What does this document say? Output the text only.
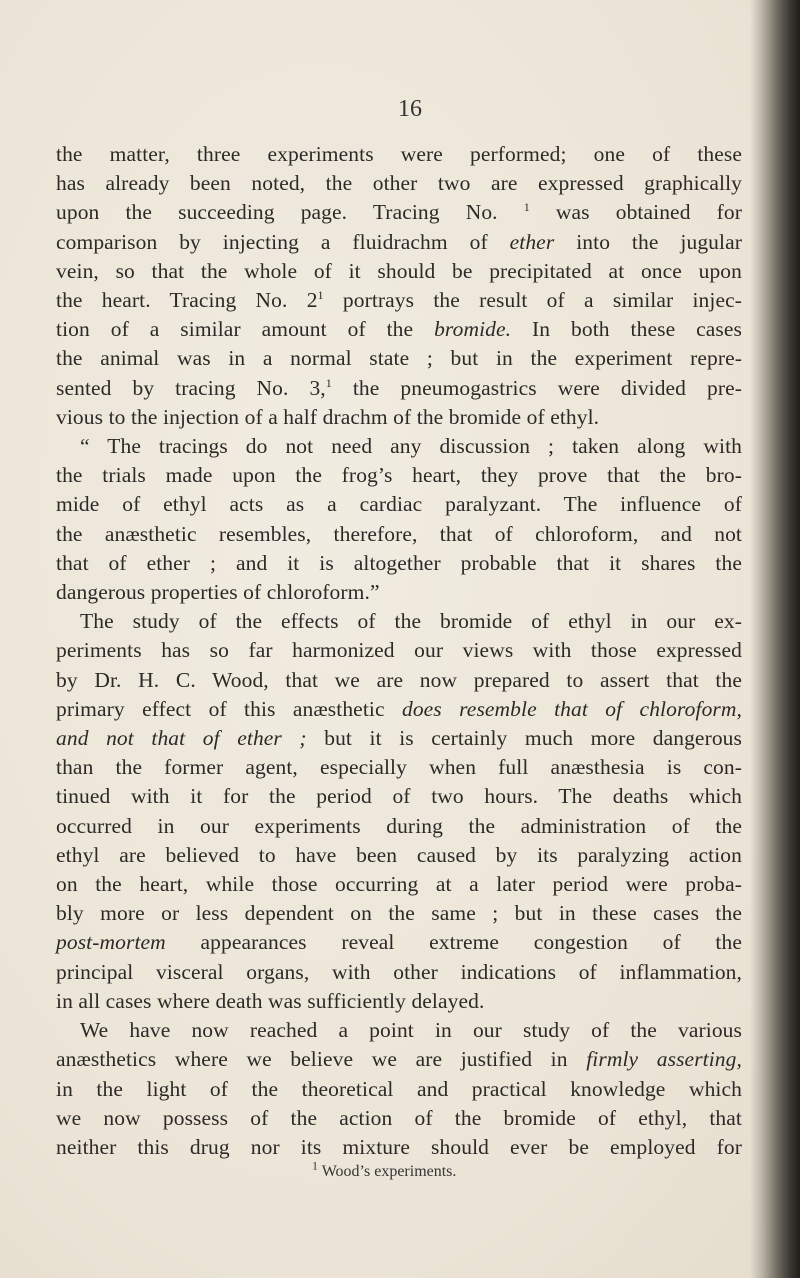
16
the matter, three experiments were performed; one of these
has already been noted, the other two are expressed graphically
upon the succeeding page. Tracing No. $^1$ was obtained for
comparison by injecting a fluidrachm of ether into the jugular
vein, so that the whole of it should be precipitated at once upon
the heart. Tracing No. $2^1$ portrays the result of a similar injec-
tion of a similar amount of the bromide. In both these cases
the animal was in a normal state ; but in the experiment repre-
sented by tracing No. 3,$^1$ the pneumogastrics were divided pre-
vious to the injection of a half drachm of the bromide of ethyl.
“ The tracings do not need any discussion ; taken along with
the trials made upon the frog’s heart, they prove that the bro-
mide of ethyl acts as a cardiac paralyzant. The influence of
the anæsthetic resembles, therefore, that of chloroform, and not
that of ether ; and it is altogether probable that it shares the
dangerous properties of chloroform.”
The study of the effects of the bromide of ethyl in our ex-
periments has so far harmonized our views with those expressed
by Dr. H. C. Wood, that we are now prepared to assert that the
primary effect of this anæsthetic does resemble that of chloroform,
and not that of ether ; but it is certainly much more dangerous
than the former agent, especially when full anæsthesia is con-
tinued with it for the period of two hours. The deaths which
occurred in our experiments during the administration of the
ethyl are believed to have been caused by its paralyzing action
on the heart, while those occurring at a later period were proba-
bly more or less dependent on the same ; but in these cases the
post-mortem appearances reveal extreme congestion of the
principal visceral organs, with other indications of inflammation,
in all cases where death was sufficiently delayed.
We have now reached a point in our study of the various
anæsthetics where we believe we are justified in firmly asserting,
in the light of the theoretical and practical knowledge which
we now possess of the action of the bromide of ethyl, that
neither this drug nor its mixture should ever be employed for
$^1$ Wood’s experiments.
